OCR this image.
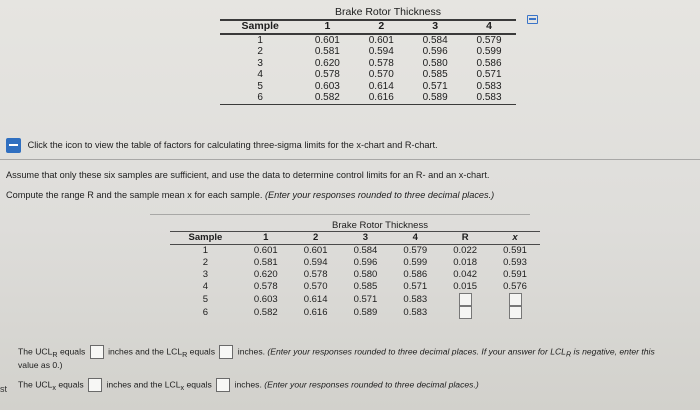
Brake Rotor Thickness
Sample	1	2	3	4
1	0.601	0.601	0.584	0.579
2	0.581	0.594	0.596	0.599
3	0.620	0.578	0.580	0.586
4	0.578	0.570	0.585	0.571
5	0.603	0.614	0.571	0.583
6	0.582	0.616	0.589	0.583
Click the icon to view the table of factors for calculating three-sigma limits for the x-chart and R-chart.
Assume that only these six samples are sufficient, and use the data to determine control limits for an R- and an x-chart.
Compute the range R and the sample mean x for each sample. (Enter your responses rounded to three decimal places.)
Brake Rotor Thickness
Sample	1	2	3	4	R	x
1	0.601	0.601	0.584	0.579	0.022	0.591
2	0.581	0.594	0.596	0.599	0.018	0.593
3	0.620	0.578	0.580	0.586	0.042	0.591
4	0.578	0.570	0.585	0.571	0.015	0.576
5	0.603	0.614	0.571	0.583		
6	0.582	0.616	0.589	0.583		
The $UCL_R$ equals	inches and the $LCL_R$ equals	inches. (Enter your responses rounded to three decimal places. If your answer for $LCL_R$ is negative, enter this
value as 0.)
The $UCL_x$ equals	inches and the $LCL_x$ equals	inches. (Enter your responses rounded to three decimal places.)
st
